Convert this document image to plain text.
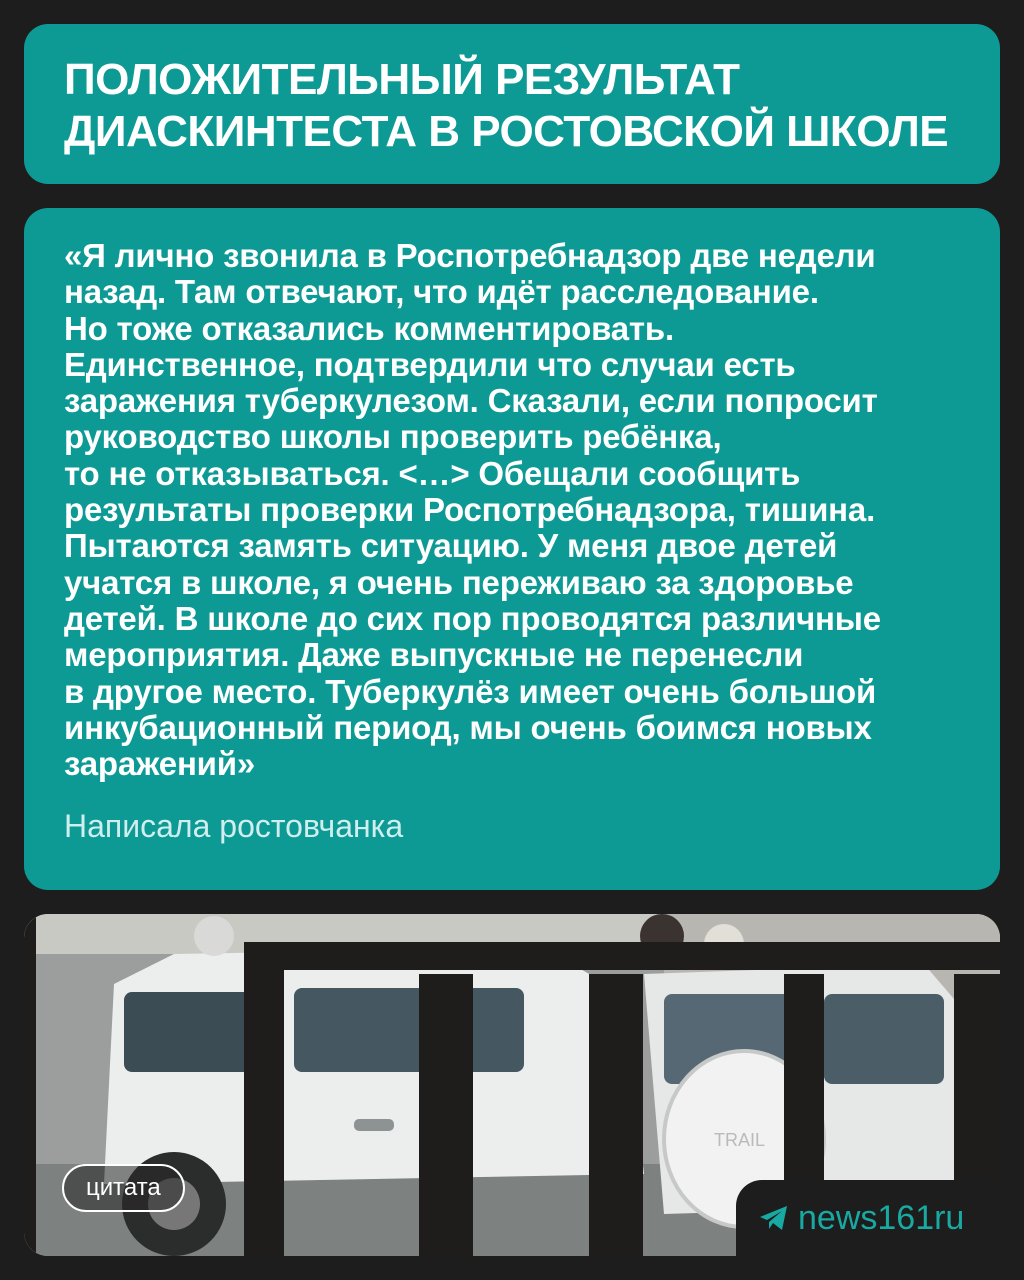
ПОЛОЖИТЕЛЬНЫЙ РЕЗУЛЬТАТ
ДИАСКИНТЕСТА В РОСТОВСКОЙ ШКОЛЕ

«Я лично звонила в Роспотребнадзор две недели
назад. Там отвечают, что идёт расследование.
Но тоже отказались комментировать.
Единственное, подтвердили что случаи есть
заражения туберкулезом. Сказали, если попросит
руководство школы проверить ребёнка,
то не отказываться. <…> Обещали сообщить
результаты проверки Роспотребнадзора, тишина.
Пытаются замять ситуацию. У меня двое детей
учатся в школе, я очень переживаю за здоровье
детей. В школе до сих пор проводятся различные
мероприятия. Даже выпускные не перенесли
в другое место. Туберкулёз имеет очень большой
инкубационный период, мы очень боимся новых
заражений»

Написала ростовчанка
TRAIL
цитата
news161ru
